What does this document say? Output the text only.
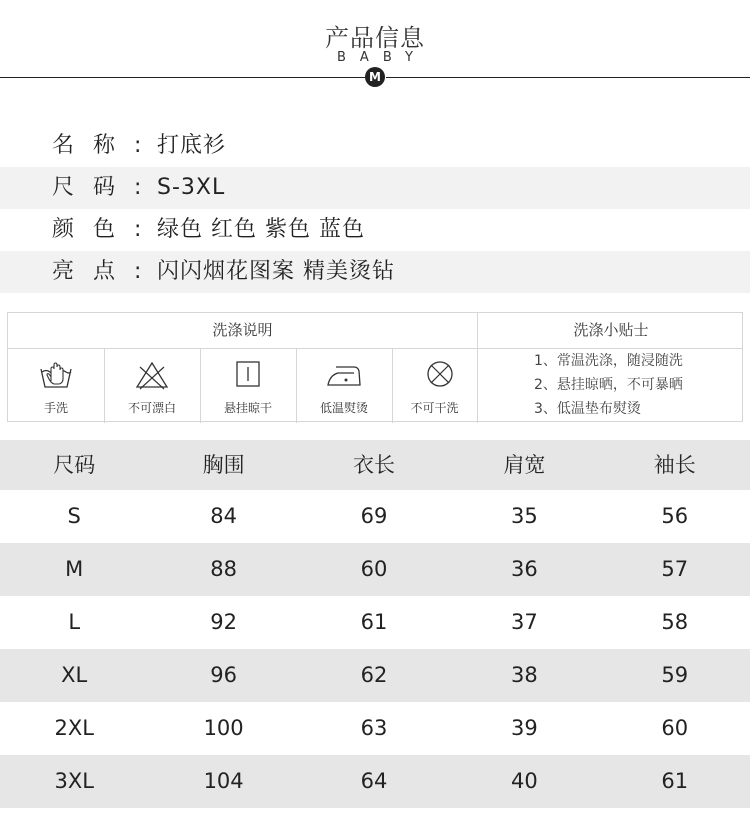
产品信息
BABY
M
名称:
打底衫
尺码:
S-3XL
颜色:
绿色 红色 紫色 蓝色
亮点:
闪闪烟花图案 精美烫钻
洗涤说明	洗涤小贴士
手洗	不可漂白	悬挂晾干	低温熨烫	不可干洗
1、常温洗涤，随浸随洗
2、悬挂晾晒，不可暴晒
3、低温垫布熨烫
尺码	胸围	衣长	肩宽	袖长
S	84	69	35	56
M	88	60	36	57
L	92	61	37	58
XL	96	62	38	59
2XL	100	63	39	60
3XL	104	64	40	61
